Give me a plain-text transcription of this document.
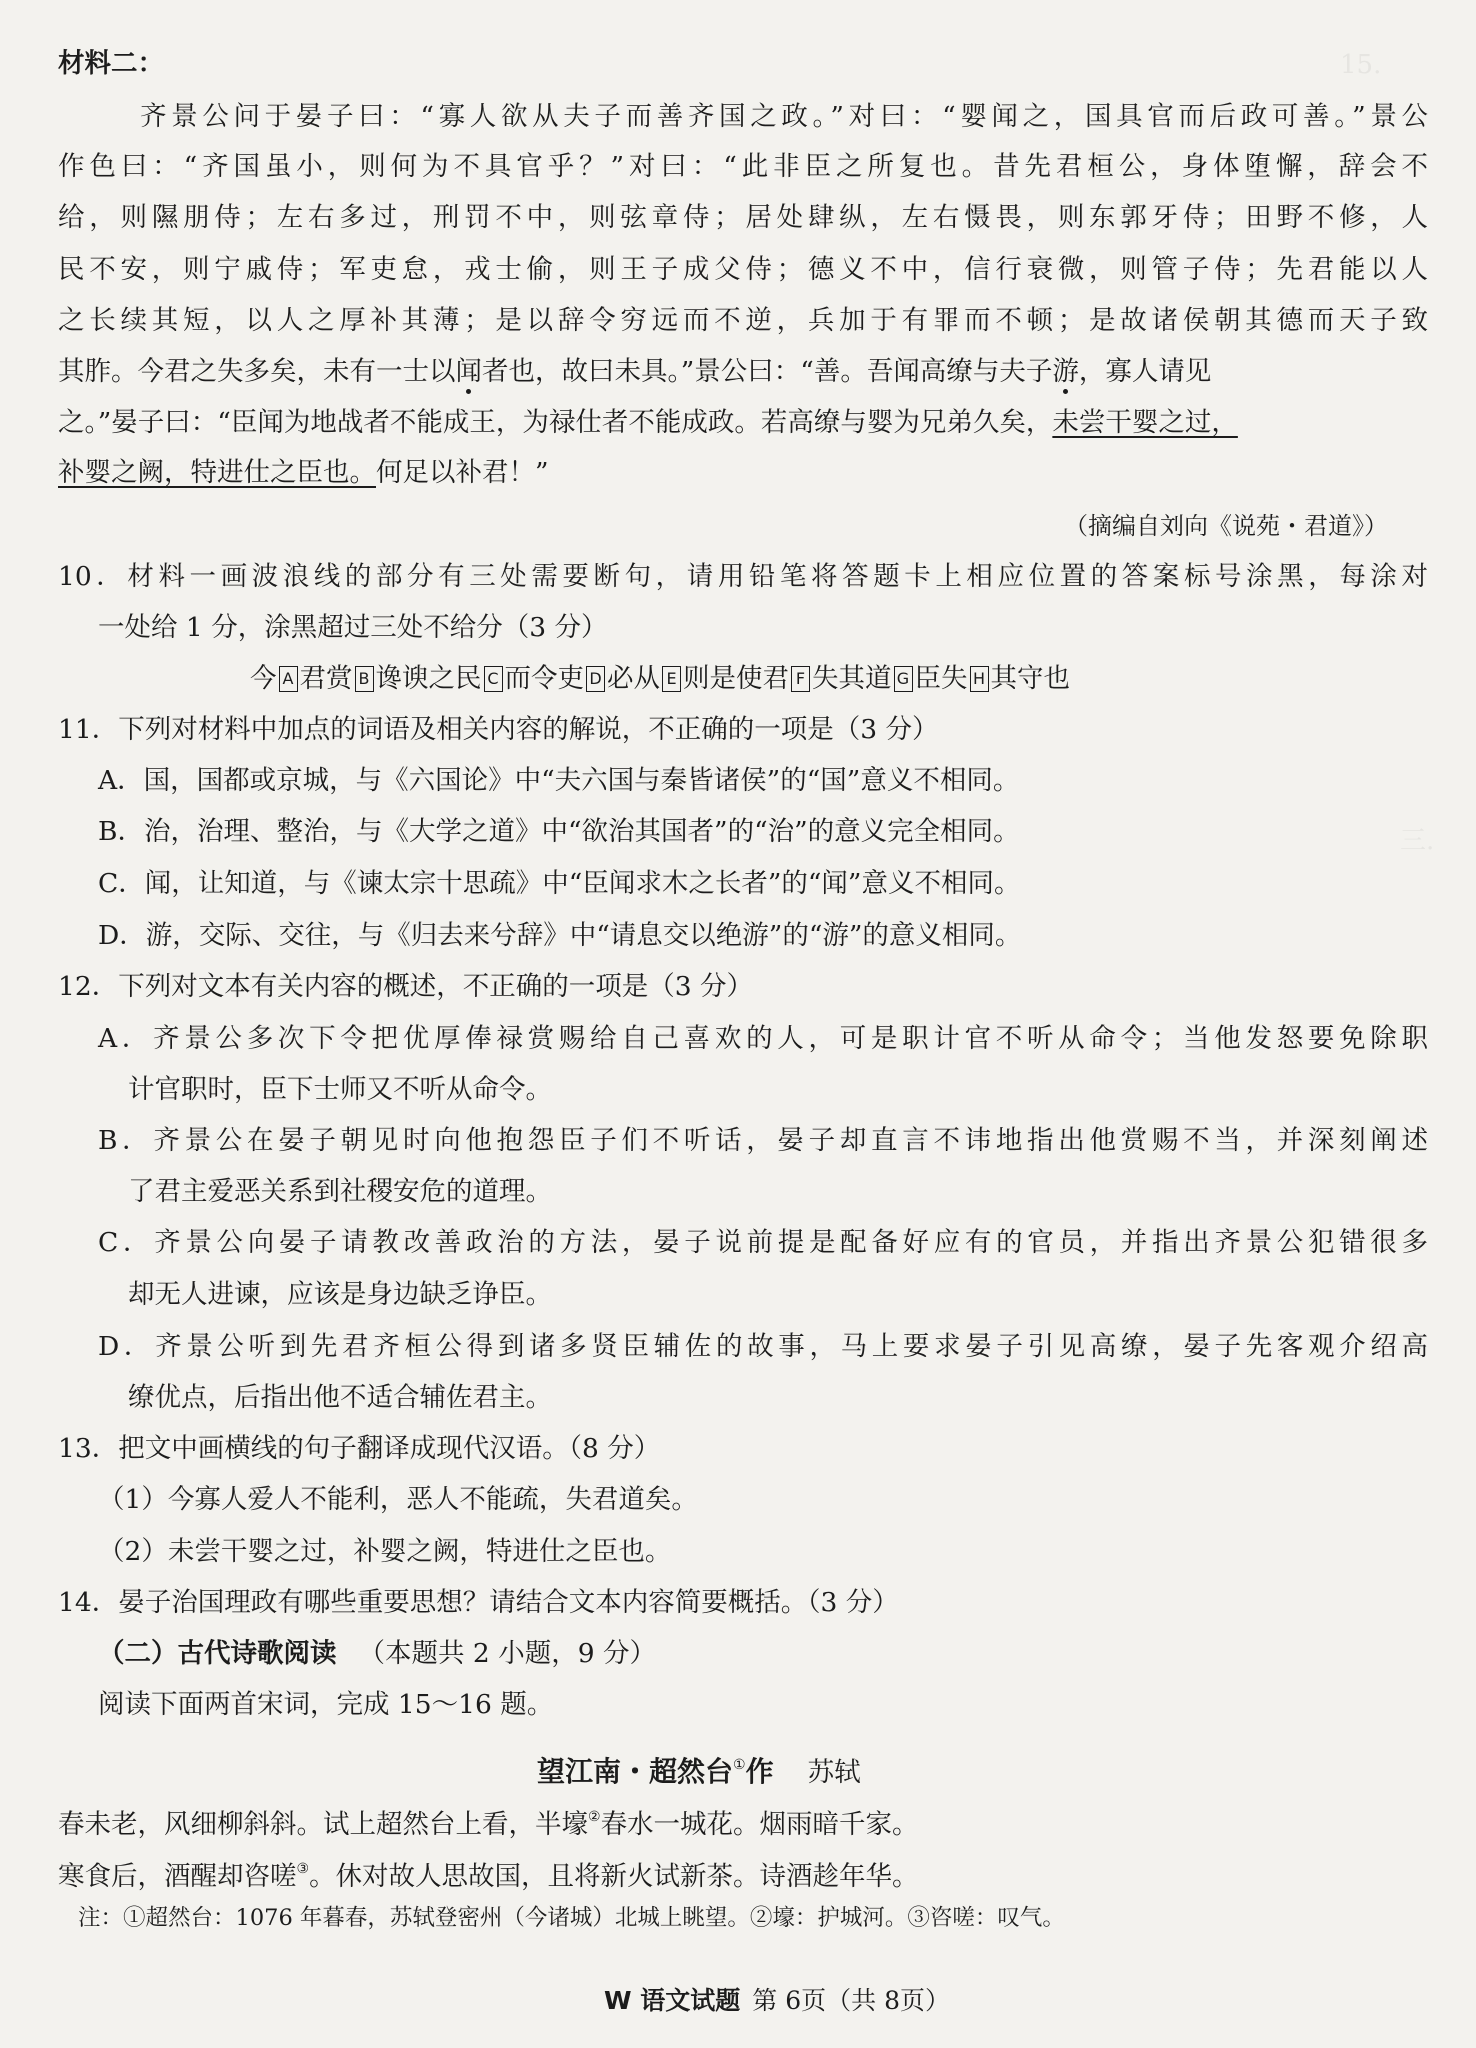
15.
三.
材料二：
齐景公问于晏子曰：“寡人欲从夫子而善齐国之政。”对曰：“婴闻之，国具官而后政可善。”景公
作色曰：“齐国虽小，则何为不具官乎？”对曰：“此非臣之所复也。昔先君桓公，身体堕懈，辞会不
给，则隰朋侍；左右多过，刑罚不中，则弦章侍；居处肆纵，左右慑畏，则东郭牙侍；田野不修，人
民不安，则宁戚侍；军吏怠，戎士偷，则王子成父侍；德义不中，信行衰微，则管子侍；先君能以人
之长续其短，以人之厚补其薄；是以辞令穷远而不逆，兵加于有罪而不顿；是故诸侯朝其德而天子致
其胙。今君之失多矣，未有一士以闻者也，故曰未具。”景公曰：“善。吾闻高缭与夫子游，寡人请见
之。”晏子曰：“臣闻为地战者不能成王，为禄仕者不能成政。若高缭与婴为兄弟久矣，未尝干婴之过，
补婴之阙，特进仕之臣也。何足以补君！”
（摘编自刘向《说苑・君道》）
10．材料一画波浪线的部分有三处需要断句，请用铅笔将答题卡上相应位置的答案标号涂黑，每涂对
一处给 1 分，涂黑超过三处不给分（3 分）
今 A 君赏 B 谗谀之民 C 而令吏 D 必从 E 则是使君 F 失其道 G 臣失 H 其守也
11．下列对材料中加点的词语及相关内容的解说，不正确的一项是（3 分）
A．国，国都或京城，与《六国论》中“夫六国与秦皆诸侯”的“国”意义不相同。
B．治，治理、整治，与《大学之道》中“欲治其国者”的“治”的意义完全相同。
C．闻，让知道，与《谏太宗十思疏》中“臣闻求木之长者”的“闻”意义不相同。
D．游，交际、交往，与《归去来兮辞》中“请息交以绝游”的“游”的意义相同。
12．下列对文本有关内容的概述，不正确的一项是（3 分）
A．齐景公多次下令把优厚俸禄赏赐给自己喜欢的人，可是职计官不听从命令；当他发怒要免除职
计官职时，臣下士师又不听从命令。
B．齐景公在晏子朝见时向他抱怨臣子们不听话，晏子却直言不讳地指出他赏赐不当，并深刻阐述
了君主爱恶关系到社稷安危的道理。
C．齐景公向晏子请教改善政治的方法，晏子说前提是配备好应有的官员，并指出齐景公犯错很多
却无人进谏，应该是身边缺乏诤臣。
D．齐景公听到先君齐桓公得到诸多贤臣辅佐的故事，马上要求晏子引见高缭，晏子先客观介绍高
缭优点，后指出他不适合辅佐君主。
13．把文中画横线的句子翻译成现代汉语。（8 分）
（1）今寡人爱人不能利，恶人不能疏，失君道矣。
（2）未尝干婴之过，补婴之阙，特进仕之臣也。
14．晏子治国理政有哪些重要思想？请结合文本内容简要概括。（3 分）
（二）古代诗歌阅读 （本题共 2 小题，9 分）
阅读下面两首宋词，完成 15～16 题。
望江南・超然台①作 苏轼
春未老，风细柳斜斜。试上超然台上看，半壕②春水一城花。烟雨暗千家。
寒食后，酒醒却咨嗟③。休对故人思故国，且将新火试新茶。诗酒趁年华。
注：①超然台：1076 年暮春，苏轼登密州（今诸城）北城上眺望。②壕：护城河。③咨嗟：叹气。
W 语文试题 第 6页（共 8页）
